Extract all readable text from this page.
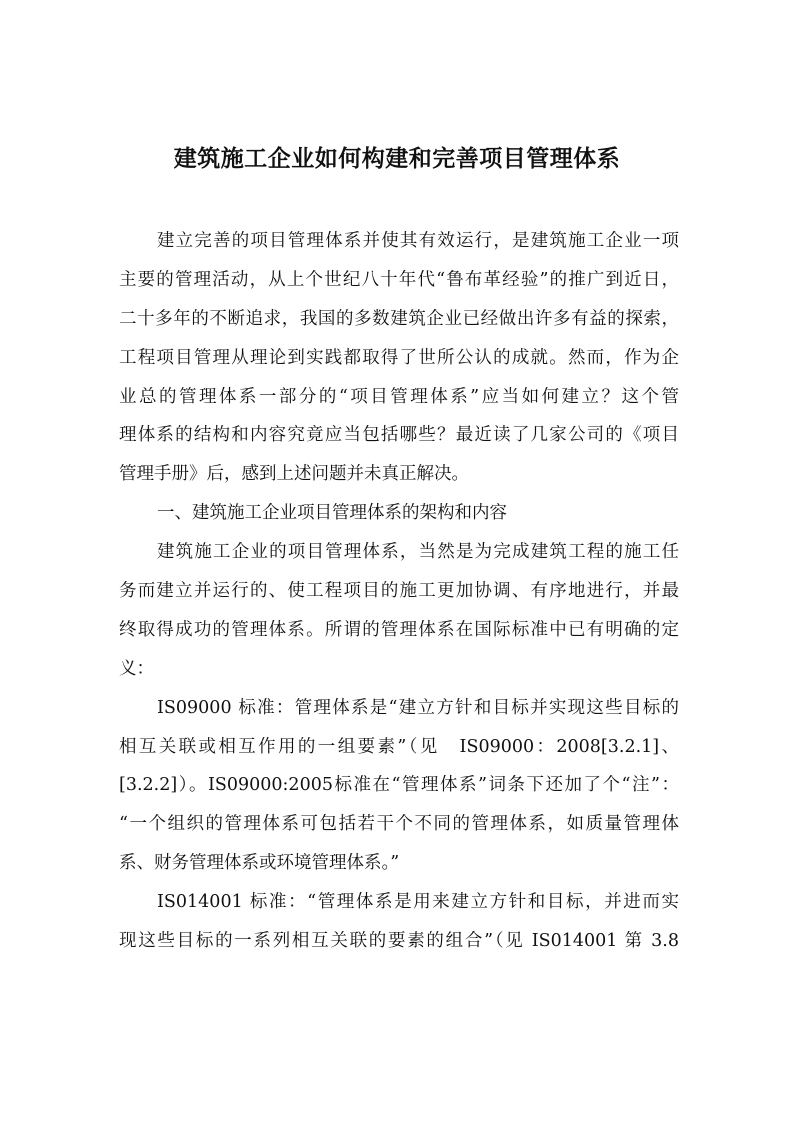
建筑施工企业如何构建和完善项目管理体系
建立完善的项目管理体系并使其有效运行，是建筑施工企业一项
主要的管理活动，从上个世纪八十年代“鲁布革经验”的推广到近日，
二十多年的不断追求，我国的多数建筑企业已经做出许多有益的探索，
工程项目管理从理论到实践都取得了世所公认的成就。然而，作为企
业总的管理体系一部分的“项目管理体系”应当如何建立？这个管
理体系的结构和内容究竟应当包括哪些？最近读了几家公司的《项目
管理手册》后，感到上述问题并未真正解决。
一、建筑施工企业项目管理体系的架构和内容
建筑施工企业的项目管理体系，当然是为完成建筑工程的施工任
务而建立并运行的、使工程项目的施工更加协调、有序地进行，并最
终取得成功的管理体系。所谓的管理体系在国际标准中已有明确的定
义：
IS09000 标准：管理体系是“建立方针和目标并实现这些目标的
相互关联或相互作用的一组要素”（见　IS09000：2008[3.2.1]、
[3.2.2]）。IS09000:2005标准在“管理体系”词条下还加了个“注”：
“一个组织的管理体系可包括若干个不同的管理体系，如质量管理体
系、财务管理体系或环境管理体系。”
IS014001 标准：“管理体系是用来建立方针和目标，并进而实
现这些目标的一系列相互关联的要素的组合”（见 IS014001 第 3.8
